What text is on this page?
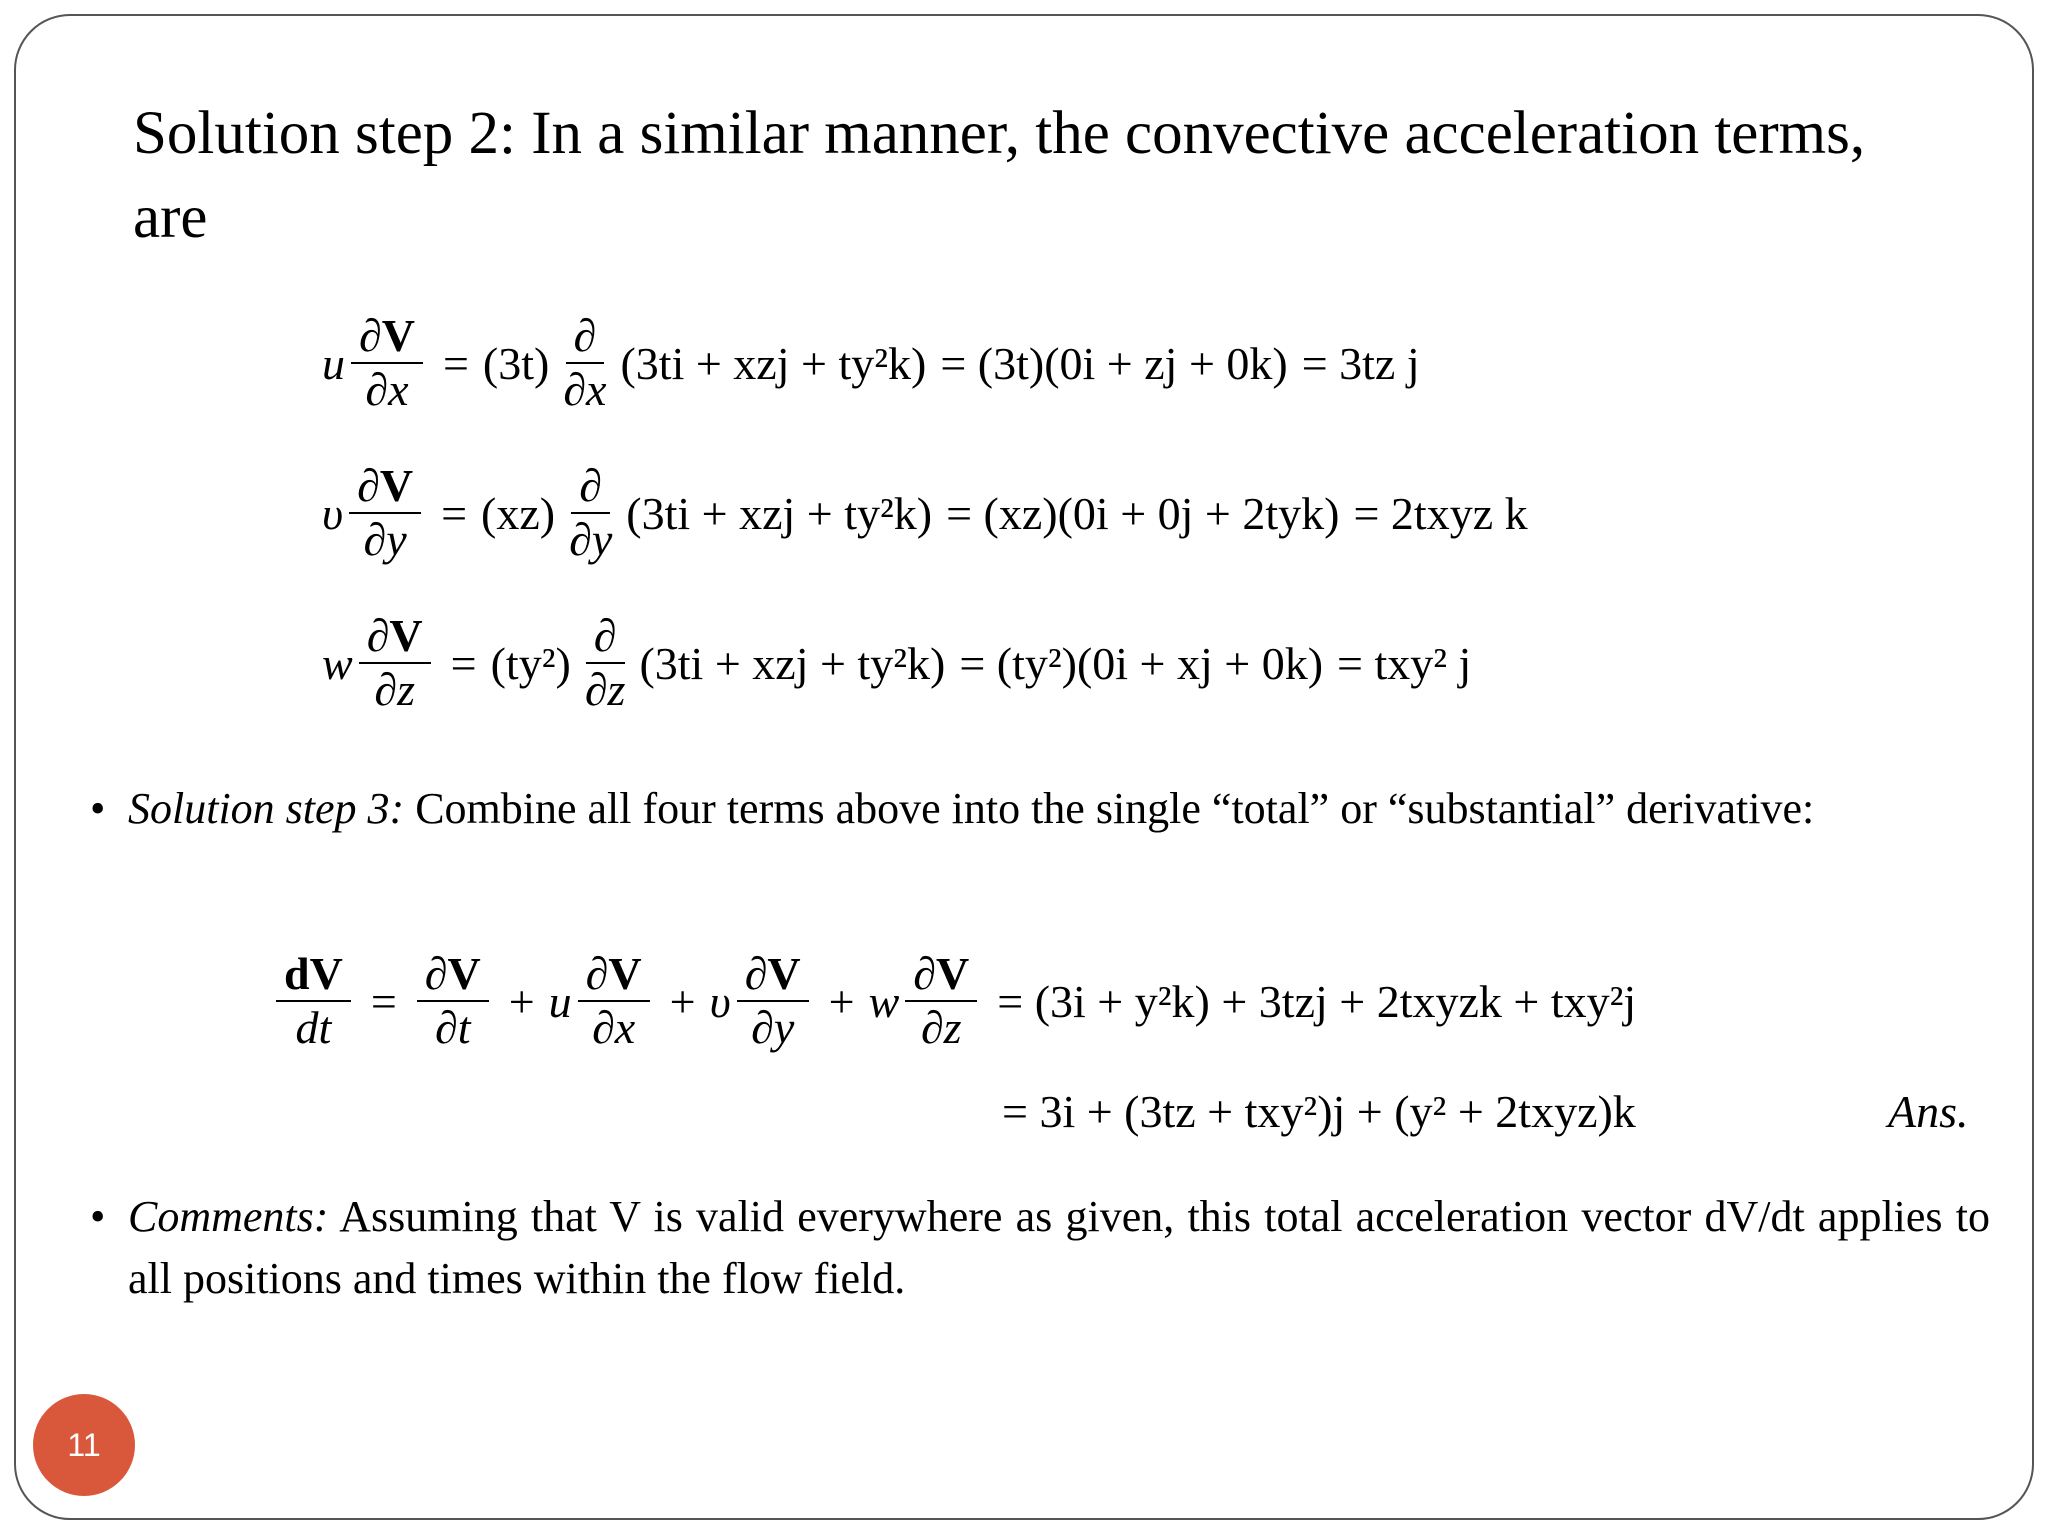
Solution step 2: In a similar manner, the convective acceleration terms, are
u $\frac{\partial V}{\partial x} = (3t) \frac{\partial}{\partial x} (3ti$ + xzj + ty²k) = (3t)(0i + zj + 0k) = 3tz j
υ $\frac{\partial V}{\partial y} = (xz) \frac{\partial}{\partial y} (3ti$ + xzj + ty²k) = (xz)(0i + 0j + 2tyk) = 2txyz k
w $\frac{\partial V}{\partial z} = (ty^2) \frac{\partial}{\partial z} (3ti$ + xzj + ty²k) = (ty²)(0i + xj + 0k) = txy² j
• Solution step 3: Combine all four terms above into the single “total” or “substantial” derivative:
$\frac{dV}{dt} = \frac{\partial V}{\partial t} + u \frac{\partial V}{\partial x} + \upsilon \frac{\partial V}{\partial y} + w \frac{\partial V}{\partial z} = (3i + y^2k) + 3tzj$ + 2txyzk + txy²j
= 3i + (3tz + txy²)j + (y² + 2txyz)k	Ans.
• Comments: Assuming that V is valid everywhere as given, this total acceleration vector dV/dt applies to all positions and times within the flow field.
11
